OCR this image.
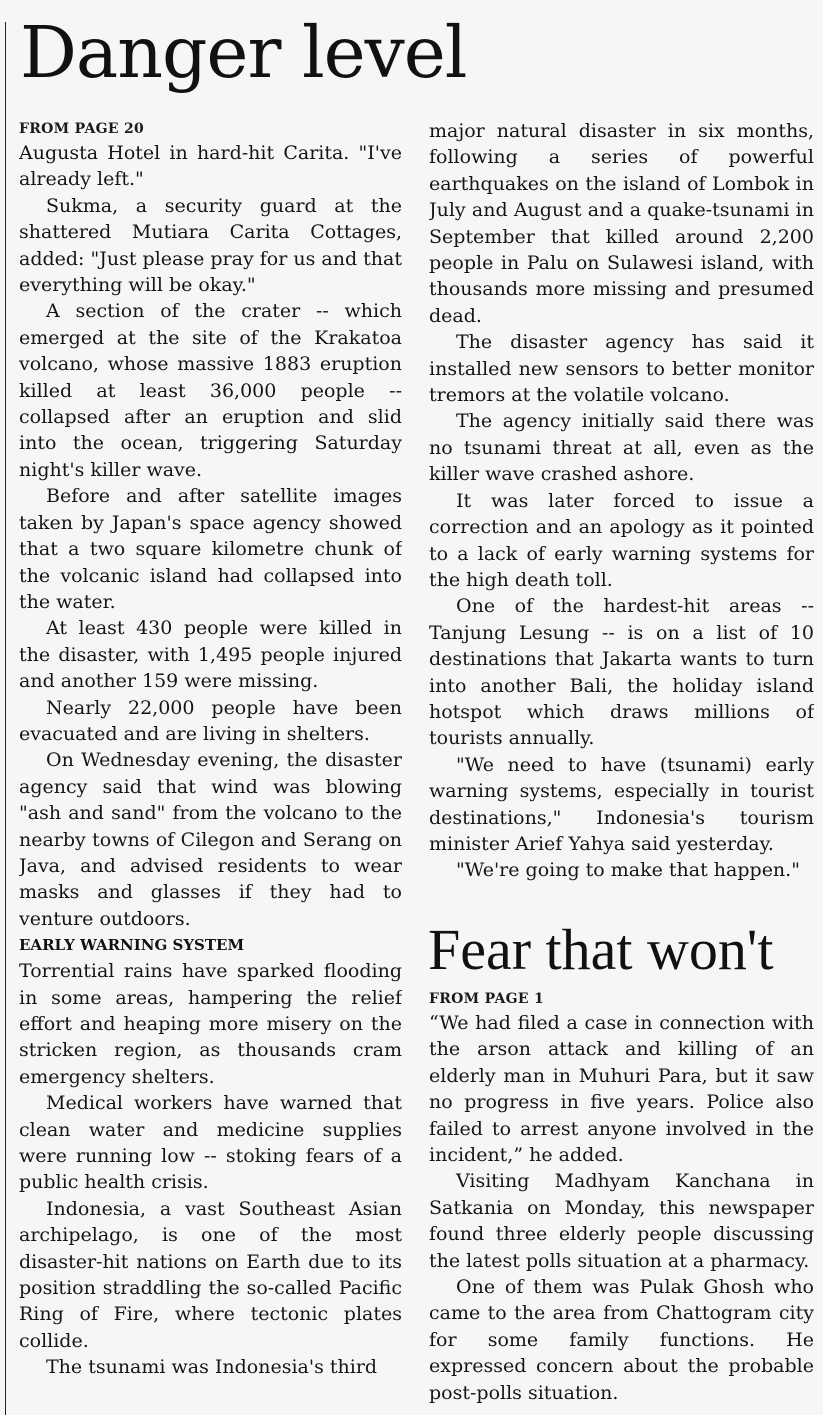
Danger level
FROM PAGE 20

Augusta Hotel in hard-hit Carita. "I've already left."

Sukma, a security guard at the shattered Mutiara Carita Cottages, added: "Just please pray for us and that everything will be okay."

A section of the crater -- which emerged at the site of the Krakatoa volcano, whose massive 1883 eruption killed at least 36,000 people -- collapsed after an eruption and slid into the ocean, triggering Saturday night's killer wave.

Before and after satellite images taken by Japan's space agency showed that a two square kilometre chunk of the volcanic island had collapsed into the water.

At least 430 people were killed in the disaster, with 1,495 people injured and another 159 were missing.

Nearly 22,000 people have been evacuated and are living in shelters.

On Wednesday evening, the disaster agency said that wind was blowing "ash and sand" from the volcano to the nearby towns of Cilegon and Serang on Java, and advised residents to wear masks and glasses if they had to venture outdoors.

EARLY WARNING SYSTEM

Torrential rains have sparked flooding in some areas, hampering the relief effort and heaping more misery on the stricken region, as thousands cram emergency shelters.

Medical workers have warned that clean water and medicine supplies were running low -- stoking fears of a public health crisis.

Indonesia, a vast Southeast Asian archipelago, is one of the most disaster-hit nations on Earth due to its position straddling the so-called Pacific Ring of Fire, where tectonic plates collide.

The tsunami was Indonesia's third

major natural disaster in six months, following a series of powerful earthquakes on the island of Lombok in July and August and a quake-tsunami in September that killed around 2,200 people in Palu on Sulawesi island, with thousands more missing and presumed dead.

The disaster agency has said it installed new sensors to better monitor tremors at the volatile volcano.

The agency initially said there was no tsunami threat at all, even as the killer wave crashed ashore.

It was later forced to issue a correction and an apology as it pointed to a lack of early warning systems for the high death toll.

One of the hardest-hit areas -- Tanjung Lesung -- is on a list of 10 destinations that Jakarta wants to turn into another Bali, the holiday island hotspot which draws millions of tourists annually.

"We need to have (tsunami) early warning systems, especially in tourist destinations," Indonesia's tourism minister Arief Yahya said yesterday.

"We're going to make that happen."

Fear that won't
FROM PAGE 1

“We had filed a case in connection with the arson attack and killing of an elderly man in Muhuri Para, but it saw no progress in five years. Police also failed to arrest anyone involved in the incident,” he added.

Visiting Madhyam Kanchana in Satkania on Monday, this newspaper found three elderly people discussing the latest polls situation at a pharmacy.

One of them was Pulak Ghosh who came to the area from Chattogram city for some family functions. He expressed concern about the probable post-polls situation.
